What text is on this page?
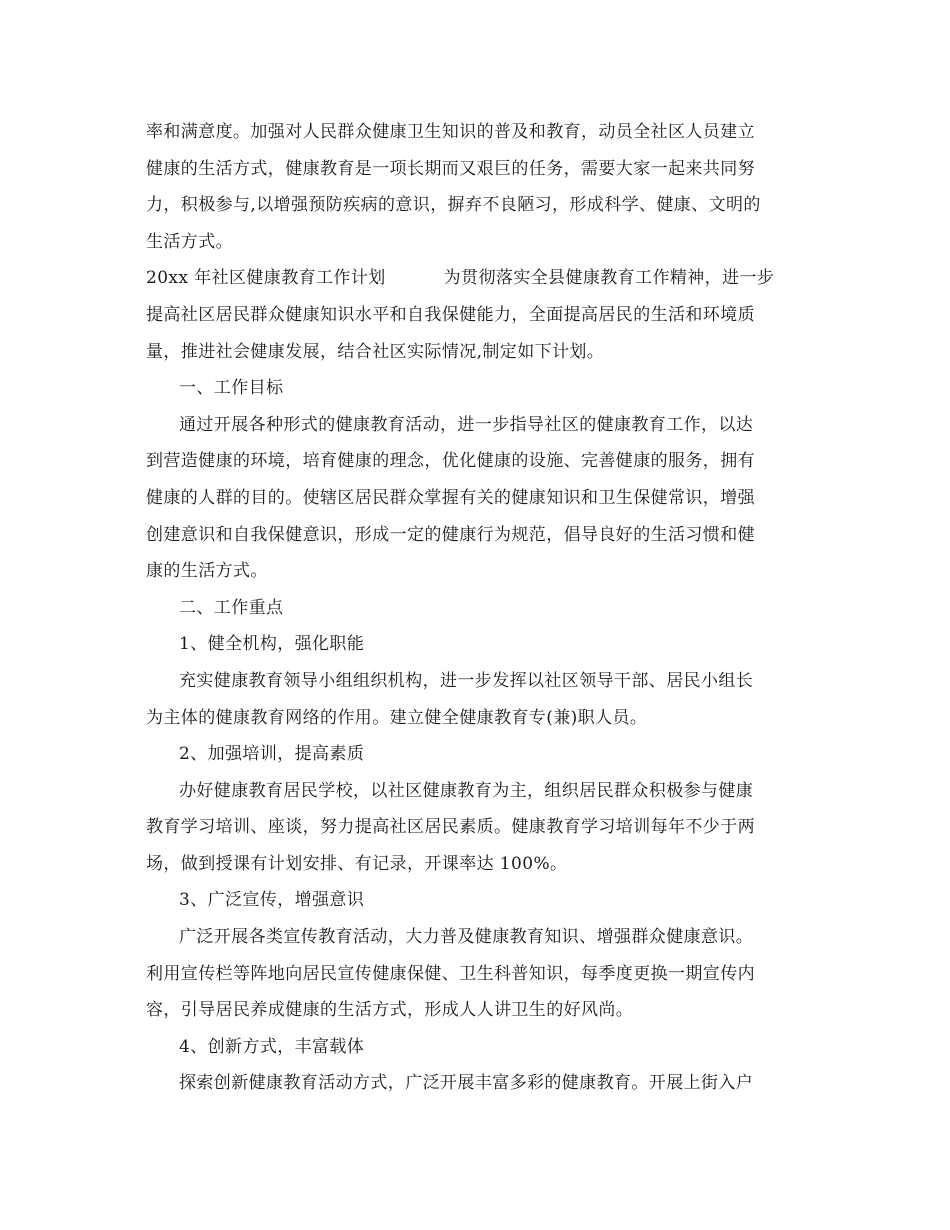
率和满意度。加强对人民群众健康卫生知识的普及和教育，动员全社区人员建立
健康的生活方式，健康教育是一项长期而又艰巨的任务，需要大家一起来共同努
力，积极参与,以增强预防疾病的意识，摒弃不良陋习，形成科学、健康、文明的
生活方式。
20xx 年社区健康教育工作计划          为贯彻落实全县健康教育工作精神，进一步
提高社区居民群众健康知识水平和自我保健能力，全面提高居民的生活和环境质
量，推进社会健康发展，结合社区实际情况,制定如下计划。
一、工作目标
通过开展各种形式的健康教育活动，进一步指导社区的健康教育工作，以达
到营造健康的环境，培育健康的理念，优化健康的设施、完善健康的服务，拥有
健康的人群的目的。使辖区居民群众掌握有关的健康知识和卫生保健常识，增强
创建意识和自我保健意识，形成一定的健康行为规范，倡导良好的生活习惯和健
康的生活方式。
二、工作重点
1、健全机构，强化职能
充实健康教育领导小组组织机构，进一步发挥以社区领导干部、居民小组长
为主体的健康教育网络的作用。建立健全健康教育专(兼)职人员。
2、加强培训，提高素质
办好健康教育居民学校，以社区健康教育为主，组织居民群众积极参与健康
教育学习培训、座谈，努力提高社区居民素质。健康教育学习培训每年不少于两
场，做到授课有计划安排、有记录，开课率达 100%。
3、广泛宣传，增强意识
广泛开展各类宣传教育活动，大力普及健康教育知识、增强群众健康意识。
利用宣传栏等阵地向居民宣传健康保健、卫生科普知识，每季度更换一期宣传内
容，引导居民养成健康的生活方式，形成人人讲卫生的好风尚。
4、创新方式，丰富载体
探索创新健康教育活动方式，广泛开展丰富多彩的健康教育。开展上街入户
